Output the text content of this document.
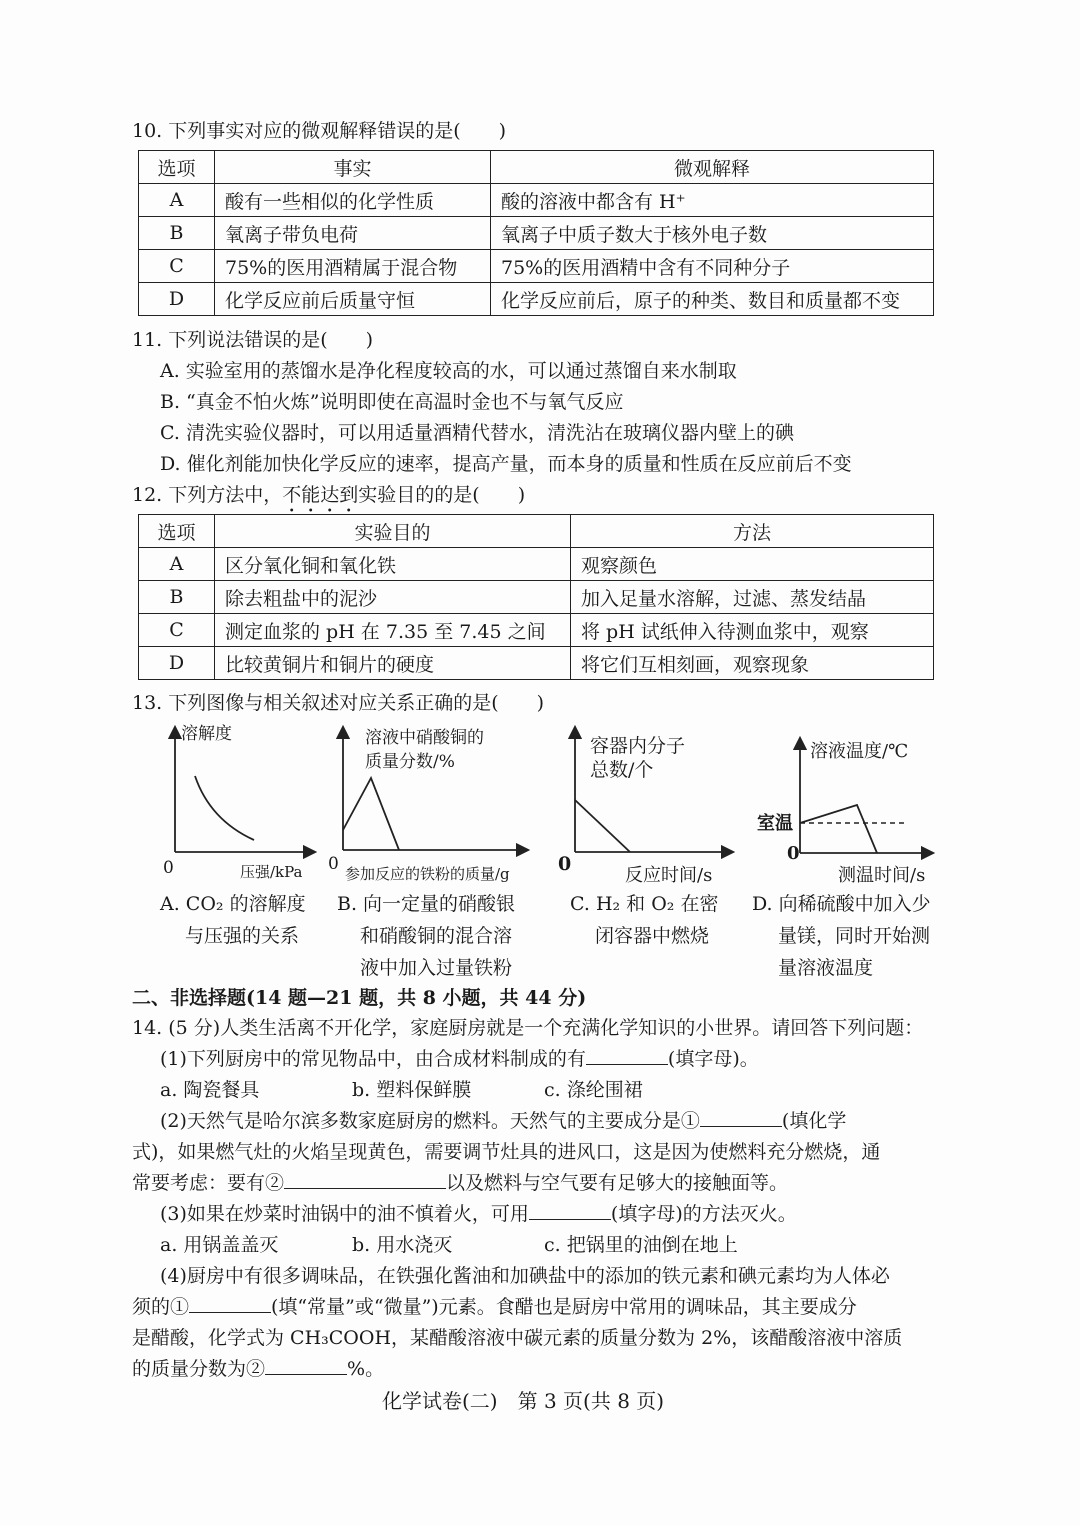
10. 下列事实对应的微观解释错误的是(　　)
选项	事实	微观解释
A	酸有一些相似的化学性质	酸的溶液中都含有 H⁺
B	氧离子带负电荷	氧离子中质子数大于核外电子数
C	75%的医用酒精属于混合物	75%的医用酒精中含有不同种分子
D	化学反应前后质量守恒	化学反应前后，原子的种类、数目和质量都不变
11. 下列说法错误的是(　　)
A. 实验室用的蒸馏水是净化程度较高的水，可以通过蒸馏自来水制取
B. “真金不怕火炼”说明即使在高温时金也不与氧气反应
C. 清洗实验仪器时，可以用适量酒精代替水，清洗沾在玻璃仪器内壁上的碘
D. 催化剂能加快化学反应的速率，提高产量，而本身的质量和性质在反应前后不变
12. 下列方法中，不能达到实验目的的是(　　)
选项	实验目的	方法
A	区分氧化铜和氧化铁	观察颜色
B	除去粗盐中的泥沙	加入足量水溶解，过滤、蒸发结晶
C	测定血浆的 pH 在 7.35 至 7.45 之间	将 pH 试纸伸入待测血浆中，观察
D	比较黄铜片和铜片的硬度	将它们互相刻画，观察现象
13. 下列图像与相关叙述对应关系正确的是(　　)
溶解度
0	压强/kPa
A. CO₂ 的溶解度
与压强的关系
溶液中硝酸铜的
质量分数/%
0 参加反应的铁粉的质量/g
B. 向一定量的硝酸银
和硝酸铜的混合溶
液中加入过量铁粉
容器内分子
总数/个
0
反应时间/s
C. H₂ 和 O₂ 在密
闭容器中燃烧
溶液温度/℃
室温
0
测温时间/s
D. 向稀硫酸中加入少
量镁，同时开始测
量溶液温度
二、非选择题(14 题—21 题，共 8 小题，共 44 分)
14. (5 分)人类生活离不开化学，家庭厨房就是一个充满化学知识的小世界。请回答下列问题：
(1)下列厨房中的常见物品中，由合成材料制成的有	(填字母)。
a. 陶瓷餐具	b. 塑料保鲜膜	c. 涤纶围裙
(2)天然气是哈尔滨多数家庭厨房的燃料。天然气的主要成分是①	(填化学
式)，如果燃气灶的火焰呈现黄色，需要调节灶具的进风口，这是因为使燃料充分燃烧，通
常要考虑：要有②	以及燃料与空气要有足够大的接触面等。
(3)如果在炒菜时油锅中的油不慎着火，可用	(填字母)的方法灭火。
a. 用锅盖盖灭	b. 用水浇灭	c. 把锅里的油倒在地上
(4)厨房中有很多调味品，在铁强化酱油和加碘盐中的添加的铁元素和碘元素均为人体必
须的①	(填“常量”或“微量”)元素。食醋也是厨房中常用的调味品，其主要成分
是醋酸，化学式为 CH₃COOH，某醋酸溶液中碳元素的质量分数为 2%，该醋酸溶液中溶质
的质量分数为②	%。
化学试卷(二)　第 3 页(共 8 页)
